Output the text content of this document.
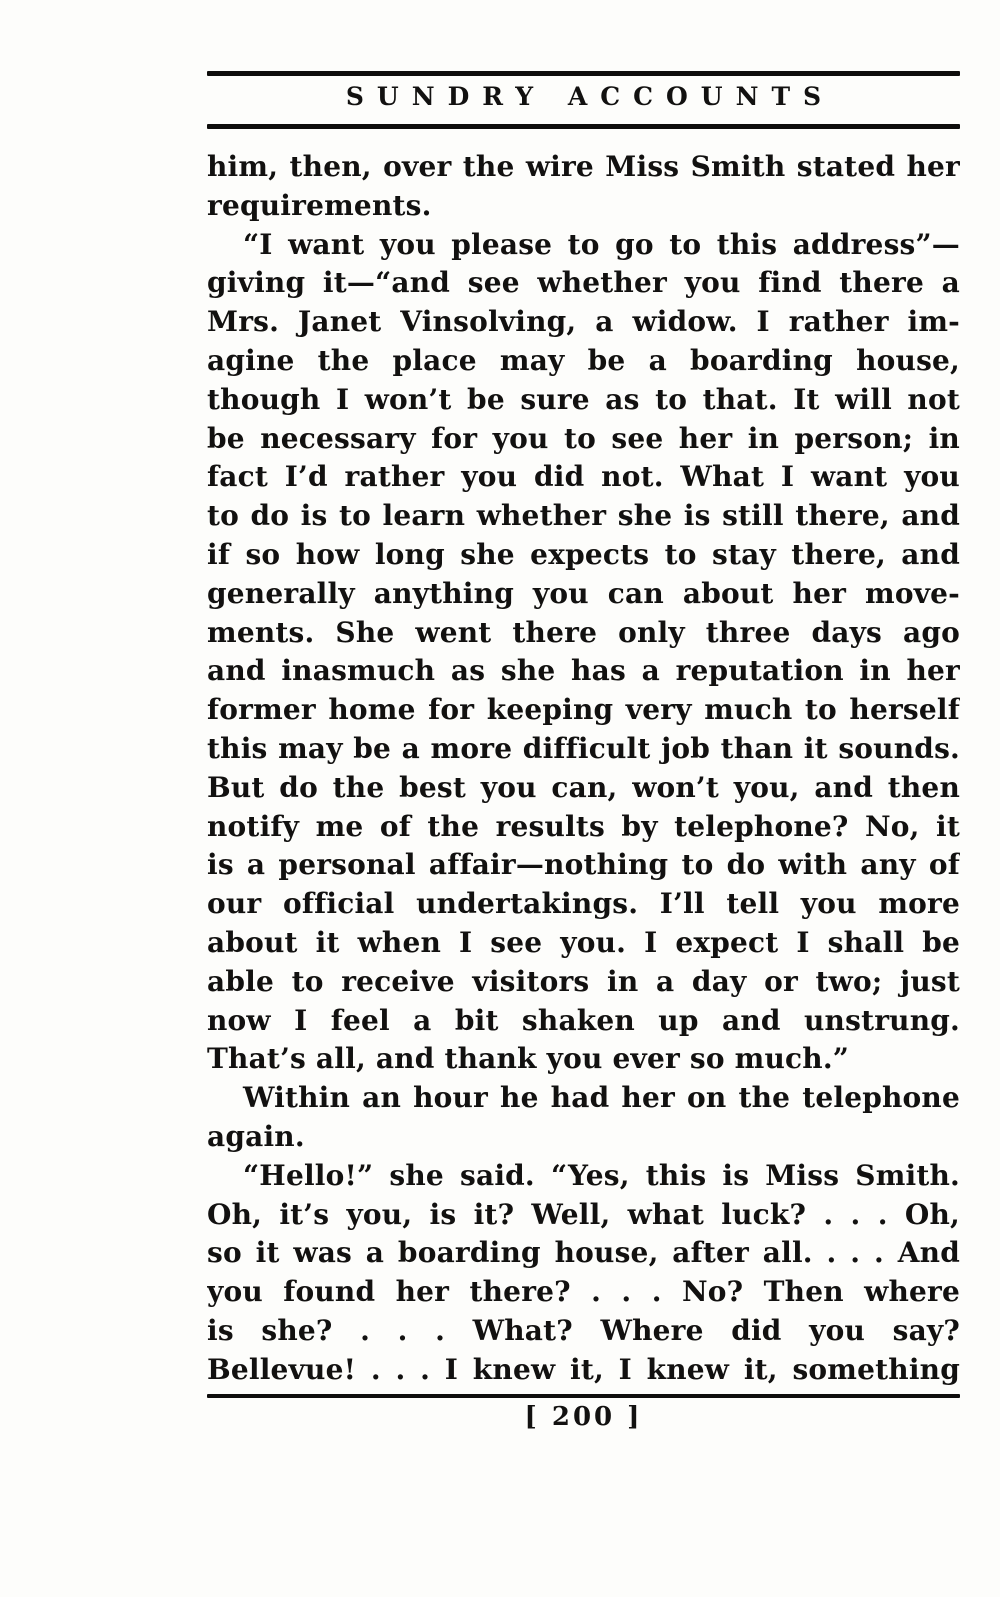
SUNDRY ACCOUNTS
him, then, over the wire Miss Smith stated her
requirements.
“I want you please to go to this address”—
giving it—“and see whether you find there a
Mrs. Janet Vinsolving, a widow. I rather im-
agine the place may be a boarding house,
though I won’t be sure as to that. It will not
be necessary for you to see her in person; in
fact I’d rather you did not. What I want you
to do is to learn whether she is still there, and
if so how long she expects to stay there, and
generally anything you can about her move-
ments. She went there only three days ago
and inasmuch as she has a reputation in her
former home for keeping very much to herself
this may be a more difficult job than it sounds.
But do the best you can, won’t you, and then
notify me of the results by telephone? No, it
is a personal affair—nothing to do with any of
our official undertakings. I’ll tell you more
about it when I see you. I expect I shall be
able to receive visitors in a day or two; just
now I feel a bit shaken up and unstrung.
That’s all, and thank you ever so much.”
Within an hour he had her on the telephone
again.
“Hello!” she said. “Yes, this is Miss Smith.
Oh, it’s you, is it? Well, what luck? . . . Oh,
so it was a boarding house, after all. . . . And
you found her there? . . . No? Then where
is she? . . . What? Where did you say?
Bellevue! . . . I knew it, I knew it, something
[ 200 ]
